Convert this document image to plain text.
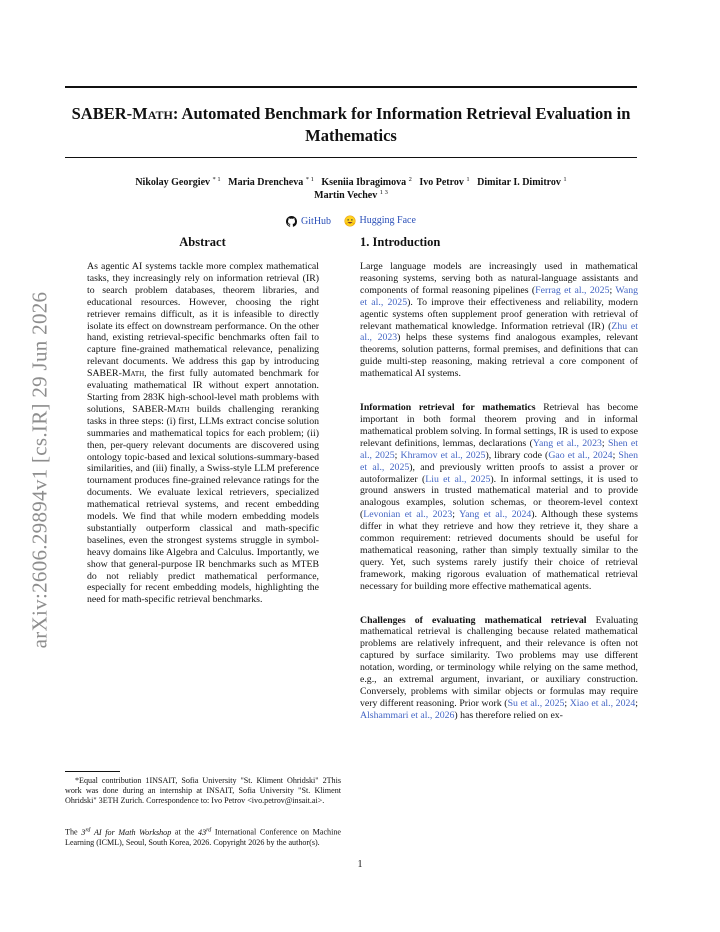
arXiv:2606.29894v1 [cs.IR] 29 Jun 2026
SABER-Math: Automated Benchmark for Information Retrieval Evaluation in
Mathematics
Nikolay Georgiev $^{* 1}$ Maria Drencheva $^{* 1}$ Kseniia Ibragimova $^2$ Ivo Petrov $^1$ Dimitar I. Dimitrov $^1$
Martin Vechev $^{1 3}$
GitHub
	Hugging Face
Abstract

As agentic AI systems tackle more complex mathematical tasks, they increasingly rely on information retrieval (IR) to search problem databases, theorem libraries, and educational resources. However, choosing the right retriever remains difficult, as it is infeasible to directly isolate its effect on downstream performance. On the other hand, existing retrieval-specific benchmarks often fail to capture fine-grained mathematical relevance, penalizing relevant documents. We address this gap by introducing SABER-Math, the first fully automated benchmark for evaluating mathematical IR without expert annotation. Starting from 283K high-school-level math problems with solutions, SABER-Math builds challenging reranking tasks in three steps: (i) first, LLMs extract concise solution summaries and mathematical topics for each problem; (ii) then, per-query relevant documents are discovered using ontology topic-based and lexical solutions-summary-based similarities, and (iii) finally, a Swiss-style LLM preference tournament produces fine-grained relevance ratings for the documents. We evaluate lexical retrievers, specialized mathematical retrieval systems, and recent embedding models. We find that while modern embedding models substantially outperform classical and math-specific baselines, even the strongest systems struggle in symbol-heavy domains like Algebra and Calculus. Importantly, we show that general-purpose IR benchmarks such as MTEB do not reliably predict mathematical performance, especially for recent embedding models, highlighting the need for math-specific retrieval benchmarks.

*Equal contribution 1INSAIT, Sofia University "St. Kliment Ohridski" 2This work was done during an internship at INSAIT, Sofia University "St. Kliment Ohridski" 3ETH Zurich. Correspondence to: Ivo Petrov <ivo.petrov@insait.ai>.

The 3rd AI for Math Workshop at the 43rd International Conference on Machine Learning (ICML), Seoul, South Korea, 2026. Copyright 2026 by the author(s).

1. Introduction

Large language models are increasingly used in mathematical reasoning systems, serving both as natural-language assistants and components of formal reasoning pipelines (Ferrag et al., 2025; Wang et al., 2025). To improve their effectiveness and reliability, modern agentic systems often supplement proof generation with retrieval of relevant mathematical knowledge. Information retrieval (IR) (Zhu et al., 2023) helps these systems find analogous examples, relevant theorems, solution patterns, formal premises, and definitions that can guide multi-step reasoning, making retrieval a core component of mathematical AI systems.

Information retrieval for mathematics Retrieval has become important in both formal theorem proving and in informal mathematical problem solving. In formal settings, IR is used to expose relevant definitions, lemmas, declarations (Yang et al., 2023; Shen et al., 2025; Khramov et al., 2025), library code (Gao et al., 2024; Shen et al., 2025), and previously written proofs to assist a prover or autoformalizer (Liu et al., 2025). In informal settings, it is used to ground answers in trusted mathematical material and to provide analogous examples, solution schemas, or theorem-level context (Levonian et al., 2023; Yang et al., 2024). Although these systems differ in what they retrieve and how they retrieve it, they share a common requirement: retrieved documents should be useful for mathematical reasoning, rather than simply textually similar to the query. Yet, such systems rarely justify their choice of retrieval framework, making rigorous evaluation of mathematical retrieval necessary for building more effective mathematical agents.

Challenges of evaluating mathematical retrieval Evaluating mathematical retrieval is challenging because related mathematical problems are relatively infrequent, and their relevance is often not captured by surface similarity. Two problems may use different notation, wording, or terminology while relying on the same method, e.g., an extremal argument, invariant, or auxiliary construction. Conversely, problems with similar objects or formulas may require very different reasoning. Prior work (Su et al., 2025; Xiao et al., 2024; Alshammari et al., 2026) has therefore relied on ex-

1
